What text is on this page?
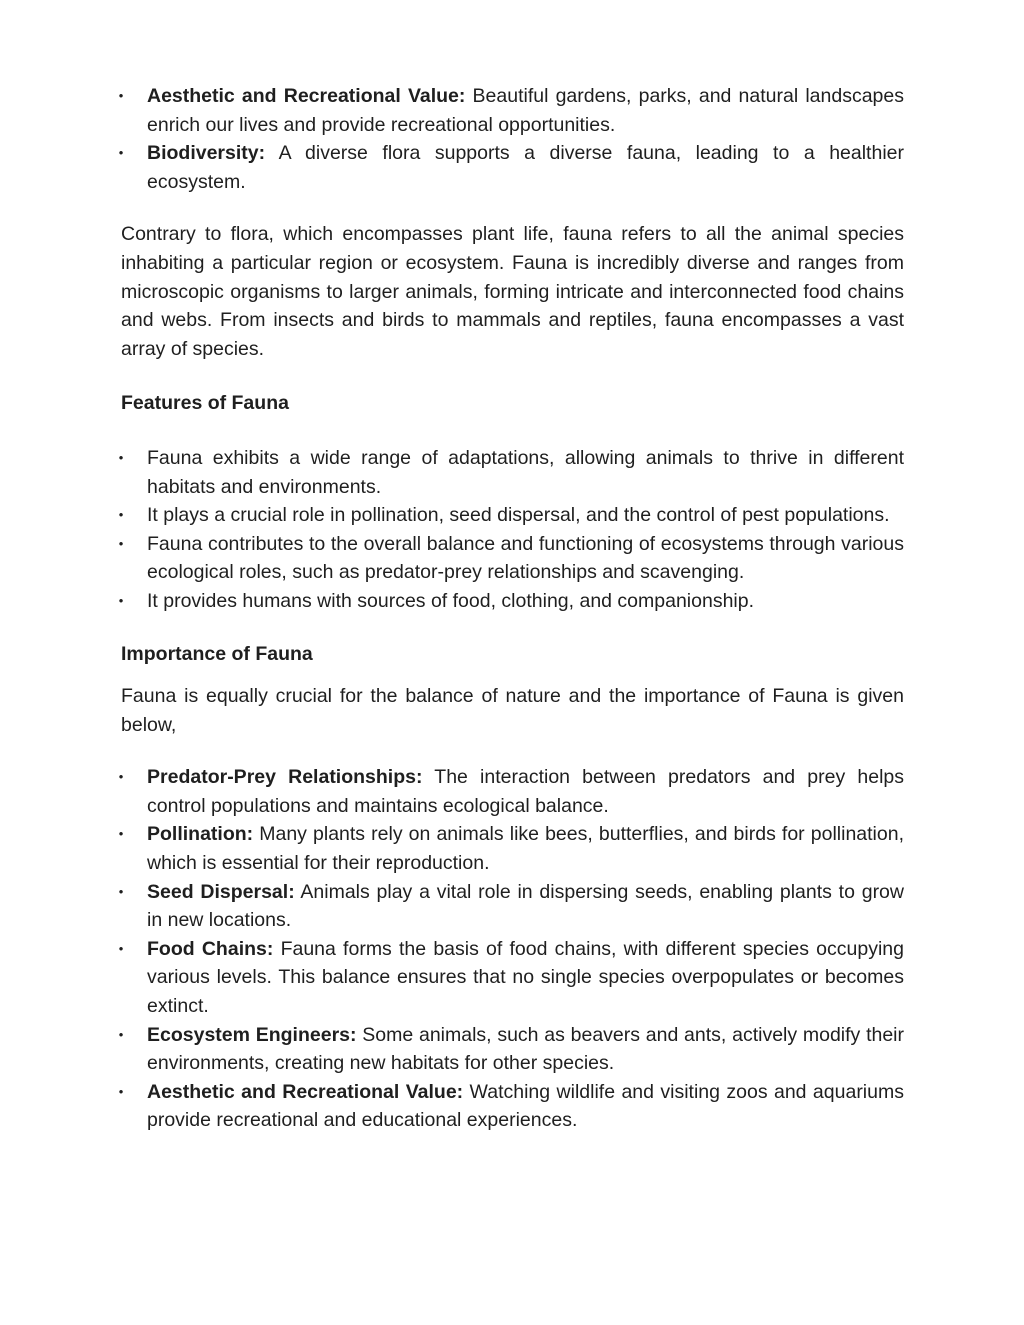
• Aesthetic and Recreational Value: Beautiful gardens, parks, and natural landscapes enrich our lives and provide recreational opportunities.
• Biodiversity: A diverse flora supports a diverse fauna, leading to a healthier ecosystem.

Contrary to flora, which encompasses plant life, fauna refers to all the animal species inhabiting a particular region or ecosystem. Fauna is incredibly diverse and ranges from microscopic organisms to larger animals, forming intricate and interconnected food chains and webs. From insects and birds to mammals and reptiles, fauna encompasses a vast array of species.

Features of Fauna
• Fauna exhibits a wide range of adaptations, allowing animals to thrive in different habitats and environments.
• It plays a crucial role in pollination, seed dispersal, and the control of pest populations.
• Fauna contributes to the overall balance and functioning of ecosystems through various ecological roles, such as predator-prey relationships and scavenging.
• It provides humans with sources of food, clothing, and companionship.
Importance of Fauna

Fauna is equally crucial for the balance of nature and the importance of Fauna is given below,

• Predator-Prey Relationships: The interaction between predators and prey helps control populations and maintains ecological balance.
• Pollination: Many plants rely on animals like bees, butterflies, and birds for pollination, which is essential for their reproduction.
• Seed Dispersal: Animals play a vital role in dispersing seeds, enabling plants to grow in new locations.
• Food Chains: Fauna forms the basis of food chains, with different species occupying various levels. This balance ensures that no single species overpopulates or becomes extinct.
• Ecosystem Engineers: Some animals, such as beavers and ants, actively modify their environments, creating new habitats for other species.
• Aesthetic and Recreational Value: Watching wildlife and visiting zoos and aquariums provide recreational and educational experiences.
